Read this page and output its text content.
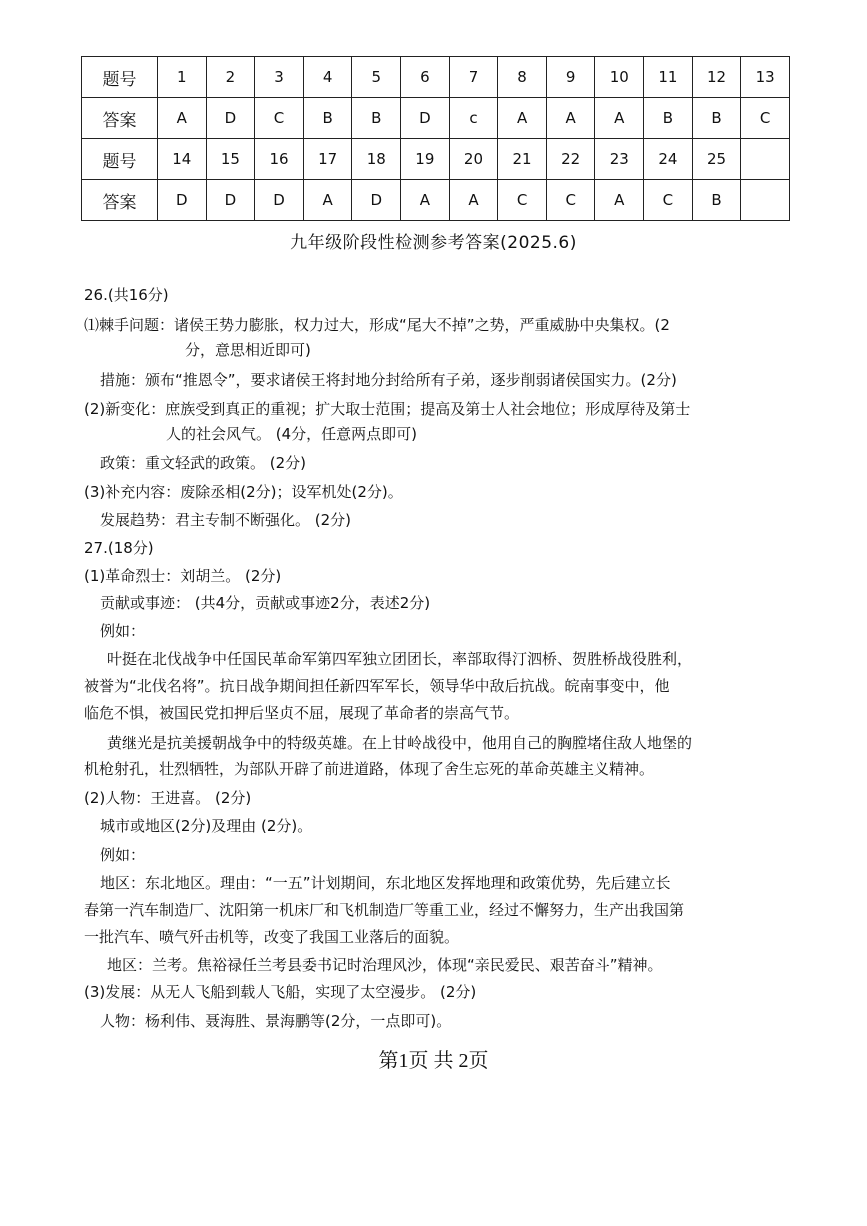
题号	1	2	3	4	5	6	7	8	9	10	11	12	13
答案	A	D	C	B	B	D	c	A	A	A	B	B	C
题号	14	15	16	17	18	19	20	21	22	23	24	25	
答案	D	D	D	A	D	A	A	C	C	A	C	B	
九年级阶段性检测参考答案(2025.6)
26.(共16分)
⑴棘手问题：诸侯王势力膨胀，权力过大，形成“尾大不掉”之势，严重威胁中央集权。(2
分，意思相近即可)
措施：颁布“推恩令”，要求诸侯王将封地分封给所有子弟，逐步削弱诸侯国实力。(2分)
(2)新变化：庶族受到真正的重视；扩大取士范围；提高及第士人社会地位；形成厚待及第士
人的社会风气。 (4分，任意两点即可)
政策：重文轻武的政策。 (2分)
(3)补充内容：废除丞相(2分)；设军机处(2分)。
发展趋势：君主专制不断强化。 (2分)
27.(18分)
(1)革命烈士：刘胡兰。 (2分)
贡献或事迹： (共4分，贡献或事迹2分，表述2分)
例如：
叶挺在北伐战争中任国民革命军第四军独立团团长，率部取得汀泗桥、贺胜桥战役胜利，
被誉为“北伐名将”。抗日战争期间担任新四军军长，领导华中敌后抗战。皖南事变中，他
临危不惧，被国民党扣押后坚贞不屈，展现了革命者的崇高气节。
黄继光是抗美援朝战争中的特级英雄。在上甘岭战役中，他用自己的胸膛堵住敌人地堡的
机枪射孔，壮烈牺牲，为部队开辟了前进道路，体现了舍生忘死的革命英雄主义精神。
(2)人物：王进喜。 (2分)
城市或地区(2分)及理由 (2分)。
例如：
地区：东北地区。理由：“一五”计划期间，东北地区发挥地理和政策优势，先后建立长
春第一汽车制造厂、沈阳第一机床厂和飞机制造厂等重工业，经过不懈努力，生产出我国第
一批汽车、喷气歼击机等，改变了我国工业落后的面貌。
地区：兰考。焦裕禄任兰考县委书记时治理风沙，体现“亲民爱民、艰苦奋斗”精神。
(3)发展：从无人飞船到载人飞船，实现了太空漫步。 (2分)
人物：杨利伟、聂海胜、景海鹏等(2分，一点即可)。
第1页 共 2页
